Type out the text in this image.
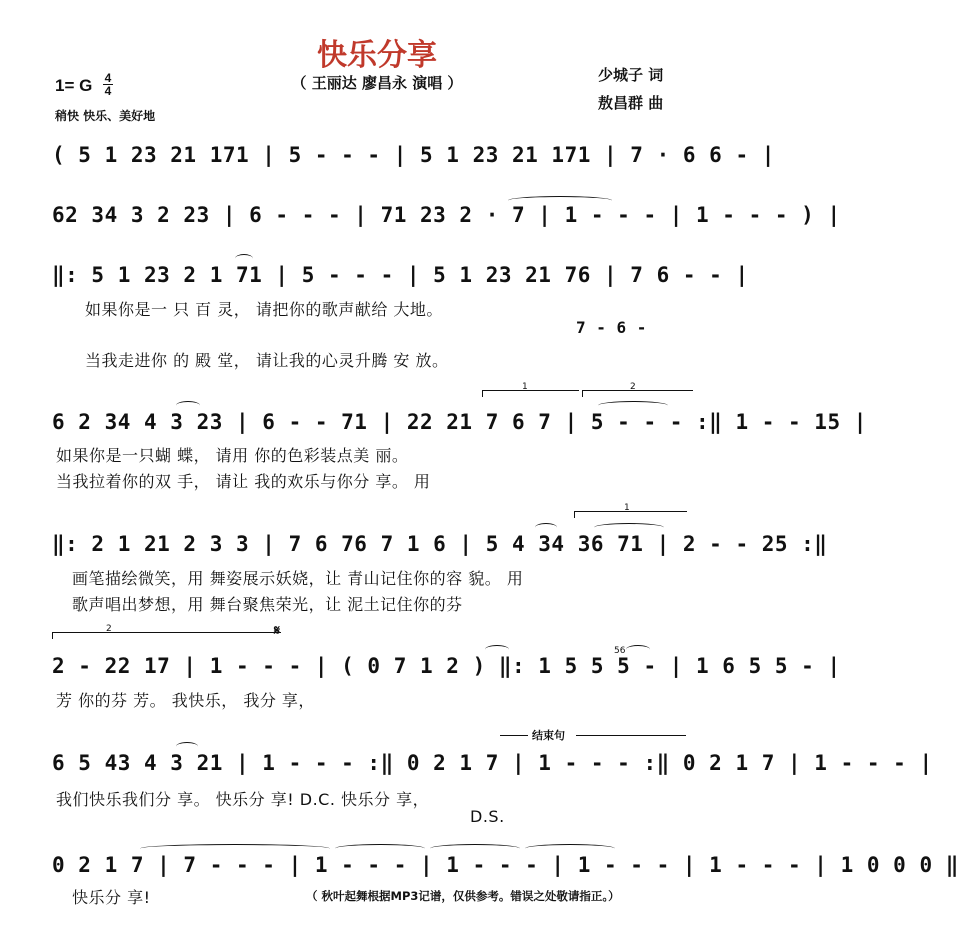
快乐分享
（ 王丽达 廖昌永 演唱 ）	少城子 词
敖昌群 曲
1= G 4
4
稍快 快乐、美好地
( 5 1 23 21 171 | 5 - - - | 5 1 23 21 171 | 7 · 6 6 - |
62 34 3 2 23 | 6 - - - | 71 23 2 · 7 | 1 - - - | 1 - - - ) |
‖: 5 1 23 2 1 71 | 5 - - - | 5 1 23 21 76 | 7 6 - - |
如果你是一 只 百 灵， 请把你的歌声献给 大地。
7 - 6 -
当我走进你 的 殿 堂， 请让我的心灵升腾 安 放。
1	2
6 2 34 4 3 23 | 6 - - 71 | 22 21 7 6 7 | 5 - - - :‖ 1 - - 15 |
如果你是一只蝴 蝶， 请用 你的色彩装点美 丽。
当我拉着你的双 手， 请让 我的欢乐与你分 享。 用
1
‖: 2 1 21 2 3 3 | 7 6 76 7 1 6 | 5 4 34 36 71 | 2 - - 25 :‖
画笔描绘微笑，用 舞姿展示妖娆，让 青山记住你的容 貌。 用
歌声唱出梦想，用 舞台聚焦荣光，让 泥土记住你的芬
2	𝄋
2 - 22 17 | 1 - - - | ( 0 7 1 2 ) ‖: 1 5 5 5 - | 1 6 5 5 - |
56
芳 你的芬 芳。 我快乐， 我分 享，
结束句
6 5 43 4 3 21 | 1 - - - :‖ 0 2 1 7 | 1 - - - :‖ 0 2 1 7 | 1 - - - |
我们快乐我们分 享。 快乐分 享! D.C. 快乐分 享，
D.S.
0 2 1 7 | 7 - - - | 1 - - - | 1 - - - | 1 - - - | 1 - - - | 1 0 0 0 ‖
快乐分 享!	（ 秋叶起舞根据MP3记谱，仅供参考。错误之处敬请指正。）
